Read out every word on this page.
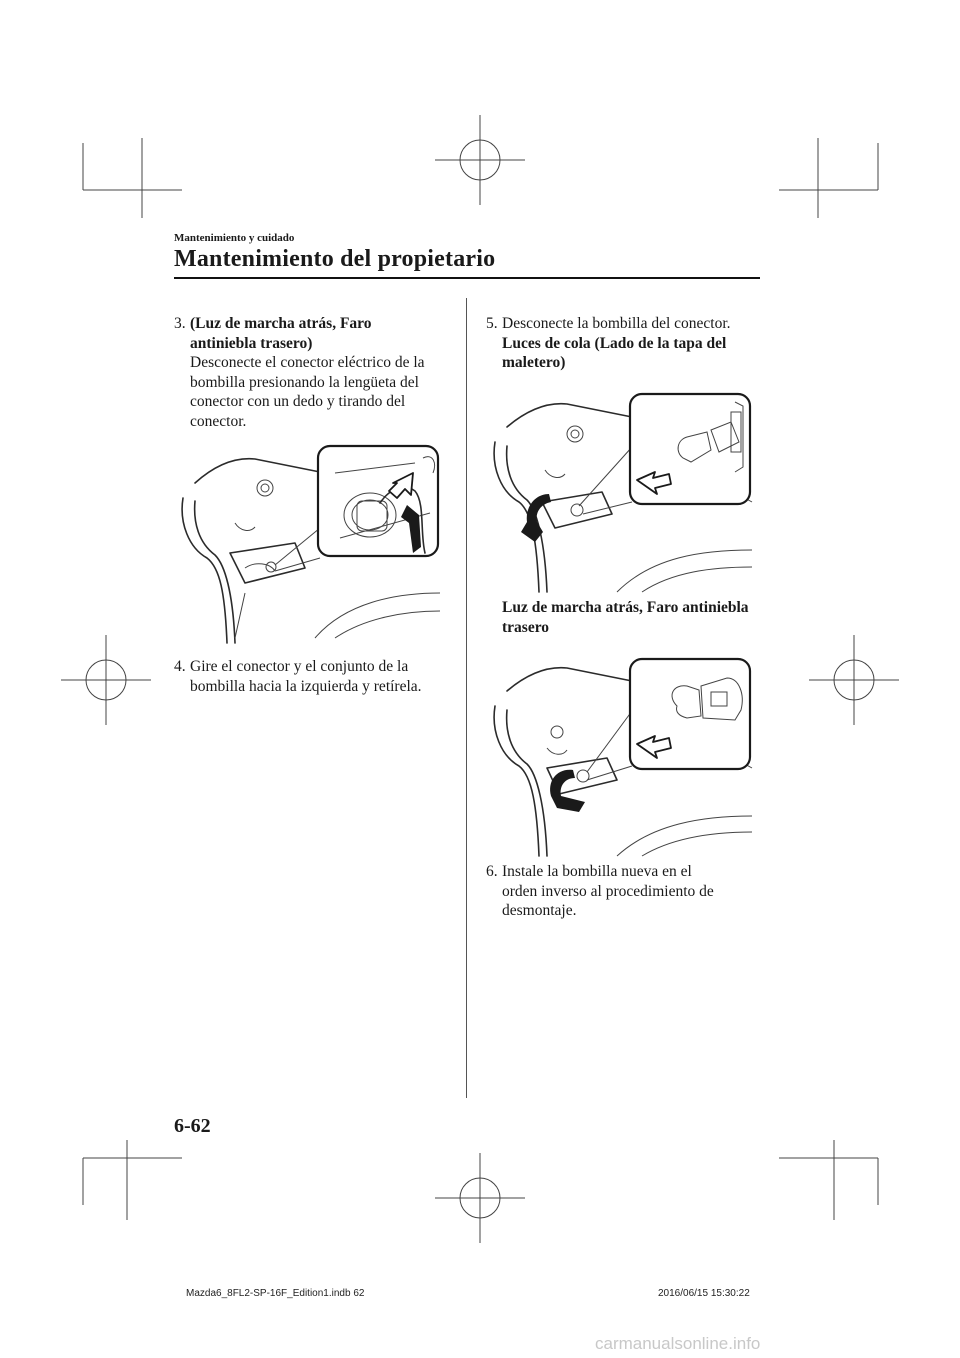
Mantenimiento y cuidado
Mantenimiento del propietario
3. (Luz de marcha atrás, Faro
antiniebla trasero)
Desconecte el conector eléctrico de la
bombilla presionando la lengüeta del
conector con un dedo y tirando del
conector.
4. Gire el conector y el conjunto de la
bombilla hacia la izquierda y retírela.
5. Desconecte la bombilla del conector.
Luces de cola (Lado de la tapa del
maletero)
Luz de marcha atrás, Faro antiniebla
trasero
6. Instale la bombilla nueva en el
orden inverso al procedimiento de
desmontaje.
6-62
Mazda6_8FL2-SP-16F_Edition1.indb 62	2016/06/15 15:30:22
carmanualsonline.info
